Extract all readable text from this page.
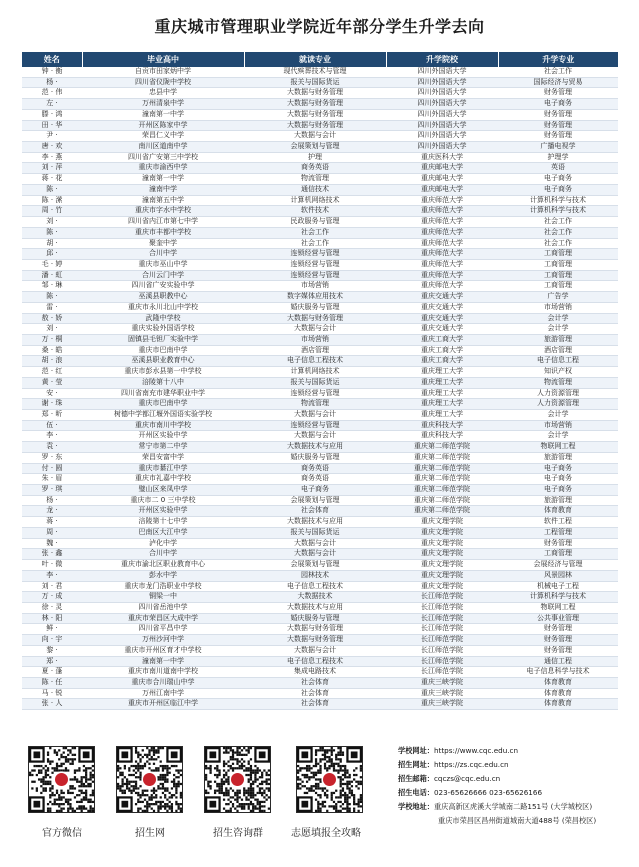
重庆城市管理职业学院近年部分学生升学去向
姓名	毕业高中	就读专业	升学院校	升学专业
钟 · 衡	自贡市田家炳中学	现代殡葬技术与管理	四川外国语大学	社会工作
杨 ·	四川省仪陇中学校	报关与国际货运	四川外国语大学	国际经济与贸易
范 · 伟	忠县中学	大数据与财务管理	四川外国语大学	财务管理
左 ·	万州清泉中学	大数据与财务管理	四川外国语大学	电子商务
滕 · 鸿	潼南第一中学	大数据与财务管理	四川外国语大学	财务管理
田 · 华	开州区陈家中学	大数据与财务管理	四川外国语大学	财务管理
尹 ·	荣昌仁义中学	大数据与会计	四川外国语大学	财务管理
唐 · 欢	南川区道南中学	会展策划与管理	四川外国语大学	广播电视学
李 · 燕	四川省广安第三中学校	护理	重庆医科大学	护理学
刘 · 萍	重庆市渝西中学	商务英语	重庆邮电大学	英语
蒋 · 花	潼南第一中学	物流管理	重庆邮电大学	电子商务
陈 ·	潼南中学	通信技术	重庆邮电大学	电子商务
陈 · 潆	潼南第五中学	计算机网络技术	重庆师范大学	计算机科学与技术
周 · 竹	重庆市字水中学校	软件技术	重庆师范大学	计算机科学与技术
刘 ·	四川省内江市第七中学	民政服务与管理	重庆师范大学	社会工作
陈 ·	重庆市丰都中学校	社会工作	重庆师范大学	社会工作
胡 ·	聚奎中学	社会工作	重庆师范大学	社会工作
邱 ·	合川中学	连锁经营与管理	重庆师范大学	工商管理
毛 · 婷	重庆市巫山中学	连锁经营与管理	重庆师范大学	工商管理
潘 · 虹	合川云门中学	连锁经营与管理	重庆师范大学	工商管理
邹 · 琳	四川省广安实验中学	市场营销	重庆师范大学	工商管理
陈 ·	巫溪县职教中心	数字媒体应用技术	重庆交通大学	广告学
雷 ·	重庆市永川北山中学校	婚庆服务与管理	重庆交通大学	市场营销
敖 · 娇	武隆中学校	大数据与财务管理	重庆交通大学	会计学
刘 ·	重庆实验外国语学校	大数据与会计	重庆交通大学	会计学
万 · 桐	固镇县毛钽厂实验中学	市场营销	重庆工商大学	旅游管理
桑 · 皓	重庆市巴南中学	酒店管理	重庆工商大学	酒店管理
胡 · 浪	巫溪县职业教育中心	电子信息工程技术	重庆工商大学	电子信息工程
范 · 红	重庆市彭水县第一中学校	计算机网络技术	重庆理工大学	知识产权
黄 · 莹	涪陵第十八中	报关与国际货运	重庆理工大学	物流管理
安 ·	四川省南充市建华职业中学	连锁经营与管理	重庆理工大学	人力资源管理
谢 · 珠	重庆市巴南中学	物流管理	重庆理工大学	人力资源管理
郑 · 昕	树德中学都江堰外国语实验学校	大数据与会计	重庆理工大学	会计学
伍 ·	重庆市南川中学校	连锁经营与管理	重庆科技大学	市场营销
李 ·	开州区实验中学	大数据与会计	重庆科技大学	会计学
袁 ·	常宁市第二中学	大数据技术与应用	重庆第二师范学院	物联网工程
罗 · 东	荣昌安富中学	婚庆服务与管理	重庆第二师范学院	旅游管理
付 · 圆	重庆市綦江中学	商务英语	重庆第二师范学院	电子商务
朱 · 眉	重庆市礼嘉中学校	商务英语	重庆第二师范学院	电子商务
罗 · 琪	璧山区来凤中学	电子商务	重庆第二师范学院	电子商务
杨 ·	重庆市二 0 三中学校	会展策划与管理	重庆第二师范学院	旅游管理
龙 ·	开州区实验中学	社会体育	重庆第二师范学院	体育教育
蒋 ·	涪陵第十七中学	大数据技术与应用	重庆文理学院	软件工程
周 ·	巴南区大江中学	报关与国际货运	重庆文理学院	工程管理
魏 ·	泸化中学	大数据与会计	重庆文理学院	财务管理
张 · 鑫	合川中学	大数据与会计	重庆文理学院	工商管理
叶 · 微	重庆市渝北区职业教育中心	会展策划与管理	重庆文理学院	会展经济与管理
李 ·	彭水中学	园林技术	重庆文理学院	风景园林
刘 · 君	重庆市龙门浩职业中学校	电子信息工程技术	重庆文理学院	机械电子工程
万 · 成	铜梁一中	大数据技术	长江师范学院	计算机科学与技术
徐 · 灵	四川省岳池中学	大数据技术与应用	长江师范学院	物联网工程
林 · 阳	重庆市荣昌区大成中学	婚庆服务与管理	长江师范学院	公共事业管理
鲜 ·	四川省平昌中学	大数据与财务管理	长江师范学院	财务管理
向 · 宇	万州沙河中学	大数据与财务管理	长江师范学院	财务管理
黎 ·	重庆市开州区育才中学校	大数据与会计	长江师范学院	财务管理
郑 ·	潼南第一中学	电子信息工程技术	长江师范学院	通信工程
夏 · 蓬	重庆市南川道南中学校	集成电路技术	长江师范学院	电子信息科学与技术
陈 · 任	重庆市合川瑞山中学	社会体育	重庆三峡学院	体育教育
马 · 锐	万州江南中学	社会体育	重庆三峡学院	体育教育
张 · 人	重庆市开州区临江中学	社会体育	重庆三峡学院	体育教育
官方微信	招生网	招生咨询群	志愿填报全攻略
学校网址：https://www.cqc.edu.cn
招生网址：https://zs.cqc.edu.cn
招生邮箱：cqczs@cqc.edu.cn
招生电话：023-65626666 023-65626166
学校地址：重庆高新区虎溪大学城南二路151号 (大学城校区)
重庆市荣昌区昌州街道城南大道488号 (荣昌校区)
